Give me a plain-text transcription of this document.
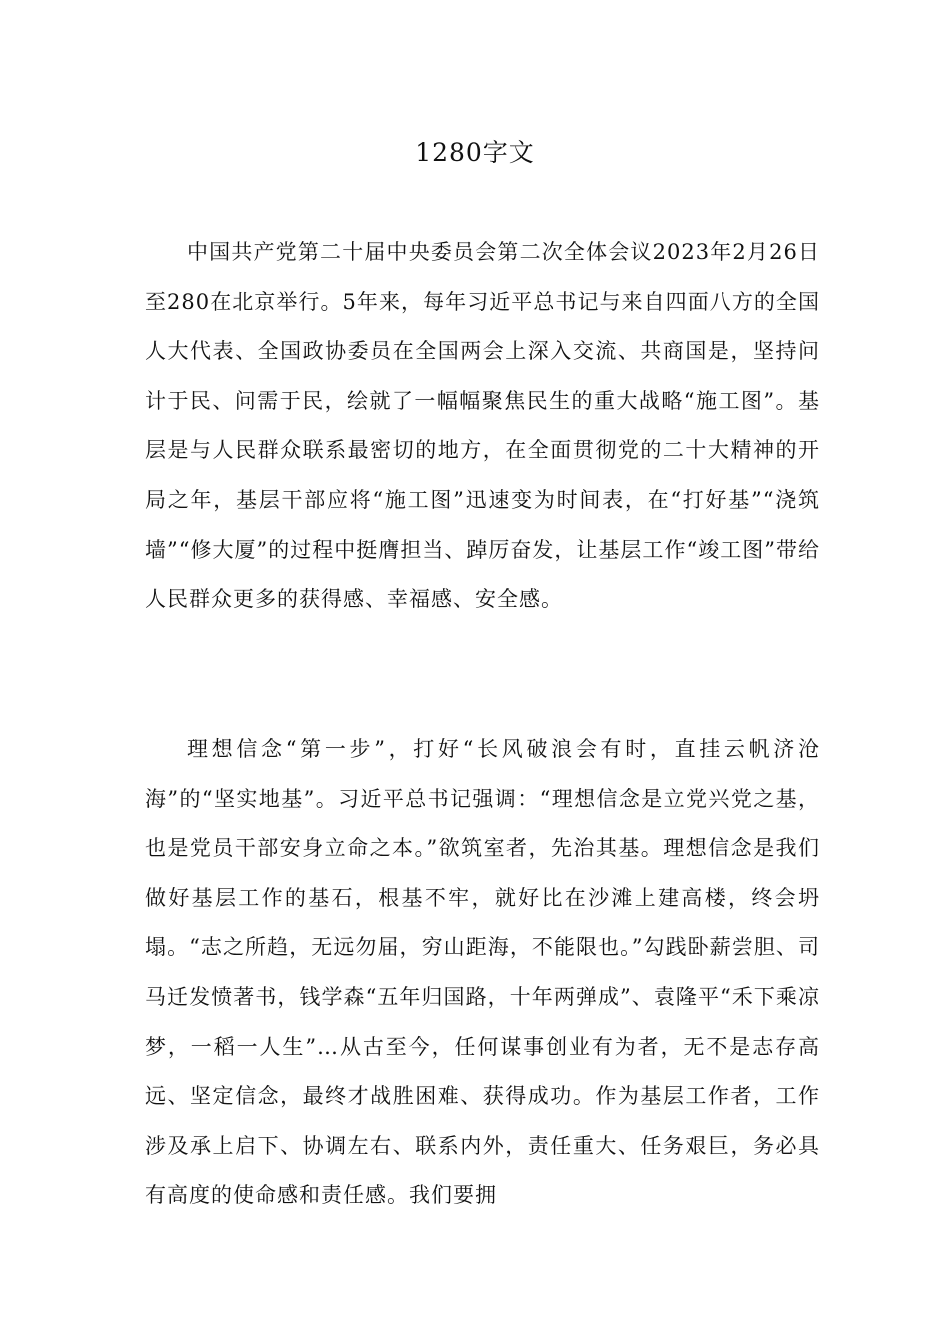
1280字文

中国共产党第二十届中央委员会第二次全体会议2023年2月26日至280在北京举行。5年来，每年习近平总书记与来自四面八方的全国人大代表、全国政协委员在全国两会上深入交流、共商国是，坚持问计于民、问需于民，绘就了一幅幅聚焦民生的重大战略“施工图”。基层是与人民群众联系最密切的地方，在全面贯彻党的二十大精神的开局之年，基层干部应将“施工图”迅速变为时间表，在“打好基”“浇筑墙”“修大厦”的过程中挺膺担当、踔厉奋发，让基层工作“竣工图”带给人民群众更多的获得感、幸福感、安全感。

理想信念“第一步”，打好“长风破浪会有时，直挂云帆济沧海”的“坚实地基”。习近平总书记强调：“理想信念是立党兴党之基，也是党员干部安身立命之本。”欲筑室者，先治其基。理想信念是我们做好基层工作的基石，根基不牢，就好比在沙滩上建高楼，终会坍塌。“志之所趋，无远勿届，穷山距海，不能限也。”勾践卧薪尝胆、司马迁发愤著书，钱学森“五年归国路，十年两弹成”、袁隆平“禾下乘凉梦，一稻一人生”…从古至今，任何谋事创业有为者，无不是志存高远、坚定信念，最终才战胜困难、获得成功。作为基层工作者，工作涉及承上启下、协调左右、联系内外，责任重大、任务艰巨，务必具有高度的使命感和责任感。我们要拥
